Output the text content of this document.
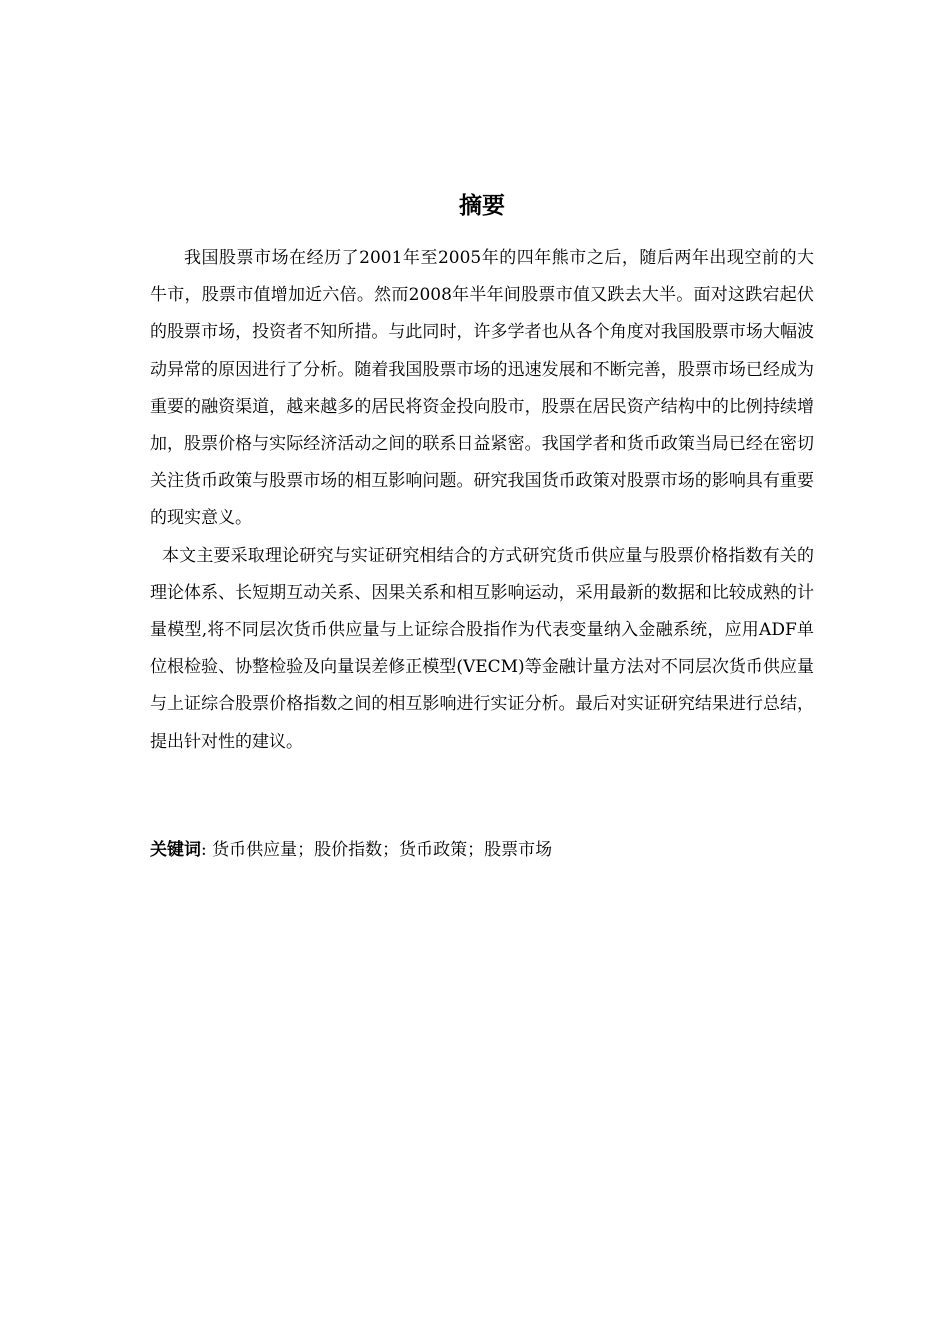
摘要

我国股票市场在经历了2001年至2005年的四年熊市之后，随后两年出现空前的大牛市，股票市值增加近六倍。然而2008年半年间股票市值又跌去大半。面对这跌宕起伏的股票市场，投资者不知所措。与此同时，许多学者也从各个角度对我国股票市场大幅波动异常的原因进行了分析。随着我国股票市场的迅速发展和不断完善，股票市场已经成为重要的融资渠道，越来越多的居民将资金投向股市，股票在居民资产结构中的比例持续增加，股票价格与实际经济活动之间的联系日益紧密。我国学者和货币政策当局已经在密切关注货币政策与股票市场的相互影响问题。研究我国货币政策对股票市场的影响具有重要的现实意义。

本文主要采取理论研究与实证研究相结合的方式研究货币供应量与股票价格指数有关的理论体系、长短期互动关系、因果关系和相互影响运动，采用最新的数据和比较成熟的计量模型,将不同层次货币供应量与上证综合股指作为代表变量纳入金融系统，应用ADF单位根检验、协整检验及向量误差修正模型(VECM)等金融计量方法对不同层次货币供应量与上证综合股票价格指数之间的相互影响进行实证分析。最后对实证研究结果进行总结，提出针对性的建议。

关键词: 货币供应量；股价指数；货币政策；股票市场
